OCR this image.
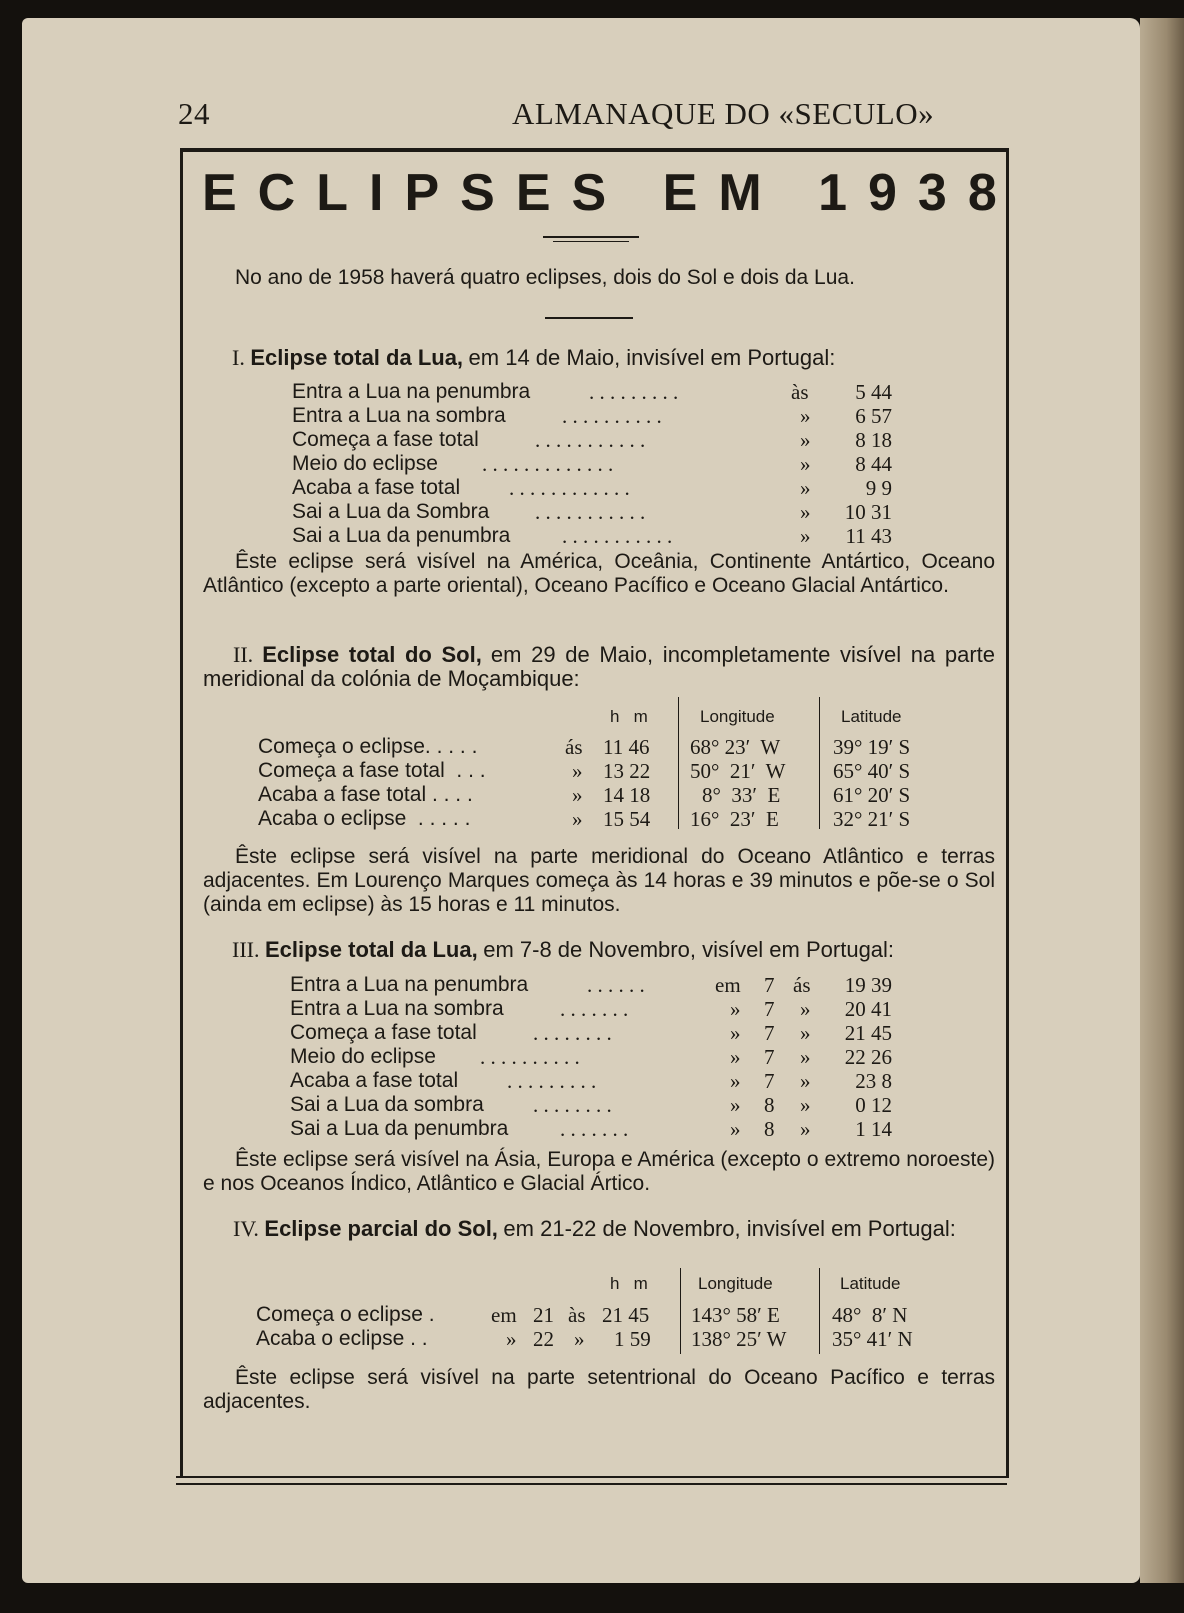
24	ALMANAQUE DO «SECULO»
ECLIPSES EM 1938
No ano de 1958 haverá quatro eclipses, dois do Sol e dois da Lua.
I. Eclipse total da Lua, em 14 de Maio, invisível em Portugal:
Entra a Lua na penumbra	. . . . . . . . .	às 5 44
Entra a Lua na sombra	. . . . . . . . . .	» 6 57
Começa a fase total	. . . . . . . . . . .	» 8 18
Meio do eclipse . . . . . . . . . . . . .	» 8 44
Acaba a fase total . . . . . . . . . . . .	»	9 9
Sai a Lua da Sombra . . . . . . . . . . .	» 10 31
Sai a Lua da penumbra . . . . . . . . . . .	» 11 43
Êste eclipse será visível na América, Oceânia, Continente Antártico, Oceano Atlântico (excepto a parte oriental), Oceano Pacífico e Oceano Glacial Antártico.
II. Eclipse total do Sol, em 29 de Maio, incompletamente visível na parte meridional da colónia de Moçambique:
h   m	Longitude	Latitude
Começa o eclipse. . . . .	ás 11 46 68° 23′  W	39° 19′ S
Começa a fase total  . . .	» 13 22 50°  21′  W 65° 40′ S
Acaba a fase total . . . .	» 14 18 8°  33′  E	61° 20′ S
Acaba o eclipse  . . . . .	» 15 54 16°  23′  E	32° 21′ S
Êste eclipse será visível na parte meridional do Oceano Atlântico e terras adjacentes. Em Lourenço Marques começa às 14 horas e 39 minutos e põe-se o Sol (ainda em eclipse) às 15 horas e 11 minutos.
III. Eclipse total da Lua, em 7-8 de Novembro, visível em Portugal:
Entra a Lua na penumbra	. . . . . .	em 7 ás 19 39
Entra a Lua na sombra	. . . . . . .	» 7 » 20 41
Começa a fase total	. . . . . . . .	» 7 » 21 45
Meio do eclipse . . . . . . . . . .	» 7 » 22 26
Acaba a fase total . . . . . . . . .	» 7 » 23 8
Sai a Lua da sombra . . . . . . . .	» 8 » 0 12
Sai a Lua da penumbra . . . . . . .	» 8 » 1 14
Êste eclipse será visível na Ásia, Europa e América (excepto o extremo noroeste) e nos Oceanos Índico, Atlântico e Glacial Ártico.
IV. Eclipse parcial do Sol, em 21-22 de Novembro, invisível em Portugal:
h   m	Longitude	Latitude
Começa o eclipse .	em 21 às 21 45 143° 58′ E 48°  8′ N
Acaba o eclipse . .	» 22 » 1 59 138° 25′ W 35° 41′ N
Êste eclipse será visível na parte setentrional do Oceano Pacífico e terras adjacentes.
